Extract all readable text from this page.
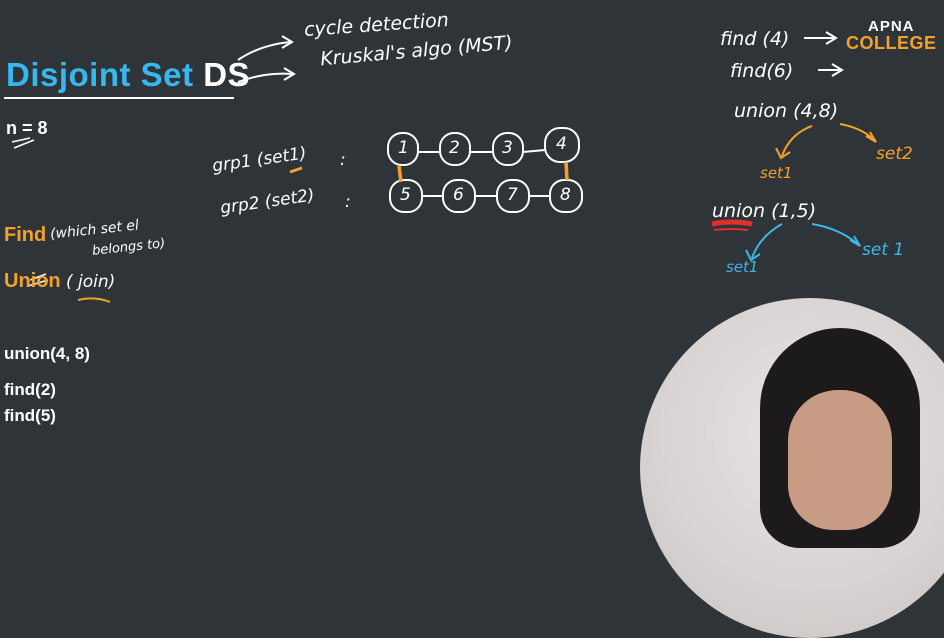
Disjoint Set DS
n = 8
Find
Union
union(4, 8)
find(2)
find(5)
cycle detection
Kruskal's algo (MST)
grp1 (set1) :
grp2 (set2) :
(which set el
belongs to)
( join)
1 2 3	4
5 6	7 8
find (4)
find(6)
union (4,8)
set1
set2
union (1,5)
set1
set 1
APNA
COLLEGE
